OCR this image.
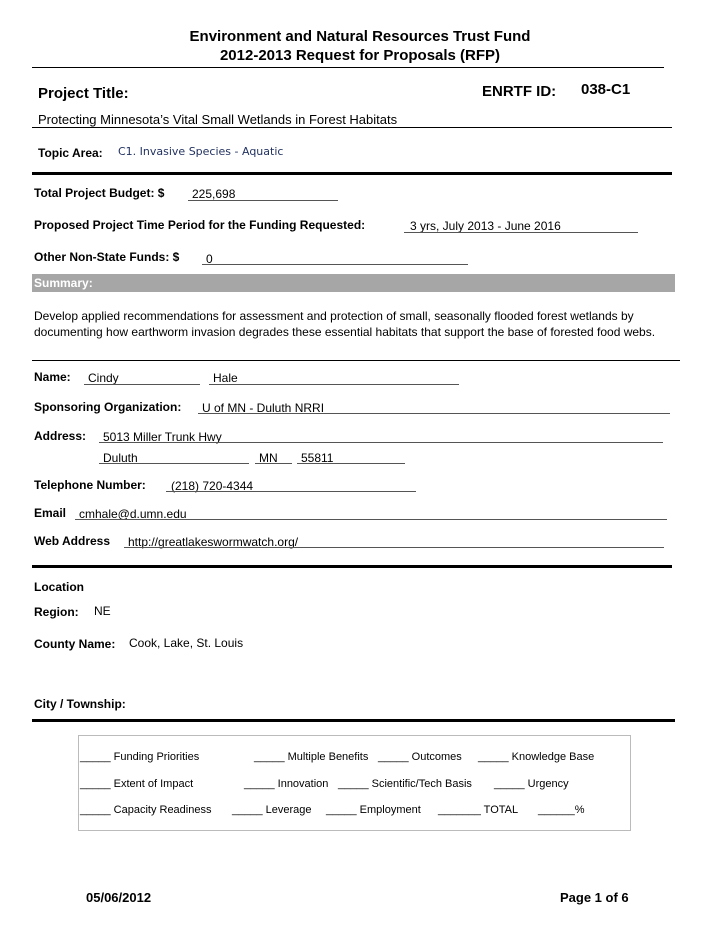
Environment and Natural Resources Trust Fund
2012-2013 Request for Proposals (RFP)
Project Title:	ENRTF ID: 038-C1
Protecting Minnesota’s Vital Small Wetlands in Forest Habitats
Topic Area: C1. Invasive Species - Aquatic
Total Project Budget: $ 225,698
Proposed Project Time Period for the Funding Requested:	3 yrs, July 2013 - June 2016
Other Non-State Funds: $ 0
Summary:
Develop applied recommendations for assessment and protection of small, seasonally flooded forest wetlands by documenting how earthworm invasion degrades these essential habitats that support the base of forested food webs.
Name: Cindy	Hale
Sponsoring Organization: U of MN - Duluth NRRI
Address: 5013 Miller Trunk Hwy
Duluth	MN 55811
Telephone Number: (218) 720-4344
Email cmhale@d.umn.edu
Web Address http://greatlakeswormwatch.org/
Location
Region: NE
County Name: Cook, Lake, St. Louis
City / Township:
_____ Funding Priorities	_____ Multiple Benefits _____ Outcomes _____ Knowledge Base
_____ Extent of Impact	_____ Innovation _____ Scientific/Tech Basis _____ Urgency
_____ Capacity Readiness _____ Leverage _____ Employment _______ TOTAL ______%
05/06/2012	Page 1 of 6
